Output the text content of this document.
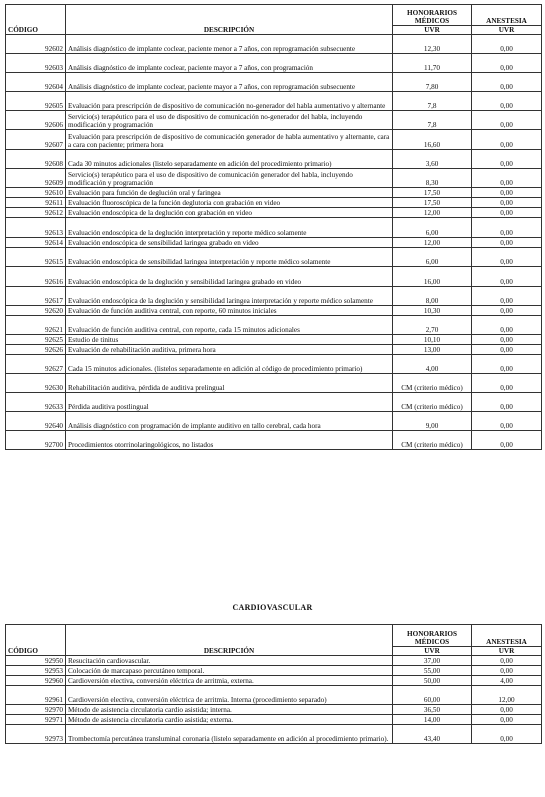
CÓDIGO	DESCRIPCIÓN	HONORARIOS MÉDICOS	ANESTESIA
		UVR	UVR
92602	Análisis diagnóstico de implante coclear, paciente menor a 7 años, con reprogramación subsecuente	12,30	0,00
92603	Análisis diagnóstico de implante coclear, paciente mayor a 7 años, con programación	11,70	0,00
92604	Análisis diagnóstico de implante coclear, paciente mayor a 7 años, con reprogramación subsecuente	7,80	0,00
92605	Evaluación para prescripción de dispositivo de comunicación no-generador del habla aumentativo y alternante	7,8	0,00
92606	Servicio(s) terapéutico para el uso de dispositivo de comunicación no-generador del habla, incluyendo modificación y programación	7,8	0,00
92607	Evaluación para prescripción de dispositivo de comunicación generador de habla aumentativo y alternante, cara a cara con paciente; primera hora	16,60	0,00
92608	Cada 30 minutos adicionales (listelo separadamente en adición del procedimiento primario)	3,60	0,00
92609	Servicio(s) terapéutico para el uso de dispositivo de comunicación generador del habla, incluyendo modificación y programación	8,30	0,00
92610	Evaluación para función de deglución oral y faringea	17,50	0,00
92611	Evaluación fluoroscópica de la función deglutoria con grabación en video	17,50	0,00
92612	Evaluación endoscópica de la deglución con grabación en video	12,00	0,00
92613	Evaluación endoscópica de la deglución interpretación y reporte médico solamente	6,00	0,00
92614	Evaluación endoscópica de sensibilidad laringea grabado en video	12,00	0,00
92615	Evaluación endoscópica de sensibilidad laringea interpretación y reporte médico solamente	6,00	0,00
92616	Evaluación endoscópica de la deglución y sensibilidad laringea grabado en video	16,00	0,00
92617	Evaluación endoscópica de la deglución y sensibilidad laringea interpretación y reporte médico solamente	8,00	0,00
92620	Evaluación de función auditiva central, con reporte, 60 minutos iniciales	10,30	0,00
92621	Evaluación de función auditiva central, con reporte, cada 15 minutos adicionales	2,70	0,00
92625	Estudio de tinitus	10,10	0,00
92626	Evaluación de rehabilitación auditiva, primera hora	13,00	0,00
92627	Cada 15 minutos adicionales. (listelos separadamente en adición al código de procedimiento primario)	4,00	0,00
92630	Rehabilitación auditiva, pérdida de auditiva prelingual	CM (criterio médico)	0,00
92633	Pérdida auditiva postlingual	CM (criterio médico)	0,00
92640	Análisis diagnóstico con programación de implante auditivo en tallo cerebral, cada hora	9,00	0,00
92700	Procedimientos otorrinolaringológicos, no listados	CM (criterio médico)	0,00
CARDIOVASCULAR
CÓDIGO	DESCRIPCIÓN	HONORARIOS MÉDICOS	ANESTESIA
		UVR	UVR
92950	Resucitación cardiovascular.	37,00	0,00
92953	Colocación de marcapaso percutáneo temporal.	55,00	0,00
92960	Cardioversión electiva, conversión eléctrica de arritmia, externa.	50,00	4,00
92961	Cardioversión electiva, conversión eléctrica de arritmia. Interna (procedimiento separado)	60,00	12,00
92970	Método de asistencia circulatoria cardio asistida; interna.	36,50	0,00
92971	Método de asistencia circulatoria cardio asistida; externa.	14,00	0,00
92973	Trombectomía percutánea transluminal coronaria (listelo separadamente en adición al procedimiento primario).	43,40	0,00
